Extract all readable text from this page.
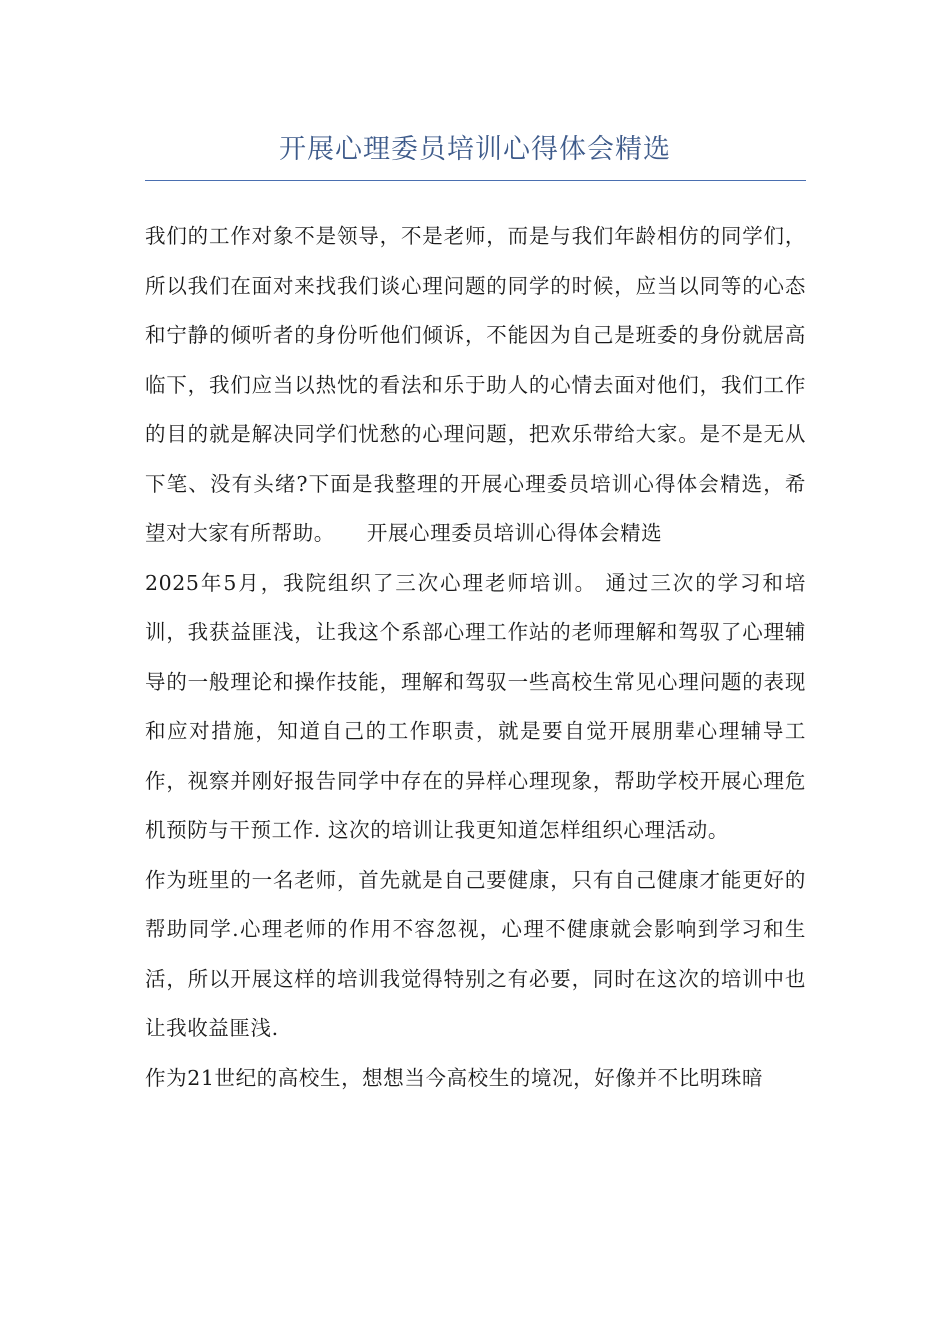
开展心理委员培训心得体会精选

我们的工作对象不是领导，不是老师，而是与我们年龄相仿的同学们，所以我们在面对来找我们谈心理问题的同学的时候，应当以同等的心态和宁静的倾听者的身份听他们倾诉，不能因为自己是班委的身份就居高临下，我们应当以热忱的看法和乐于助人的心情去面对他们，我们工作的目的就是解决同学们忧愁的心理问题，把欢乐带给大家。是不是无从下笔、没有头绪?下面是我整理的开展心理委员培训心得体会精选，希望对大家有所帮助。　　开展心理委员培训心得体会精选

2025年5月，我院组织了三次心理老师培训。 通过三次的学习和培训，我获益匪浅，让我这个系部心理工作站的老师理解和驾驭了心理辅导的一般理论和操作技能，理解和驾驭一些高校生常见心理问题的表现和应对措施，知道自己的工作职责，就是要自觉开展朋辈心理辅导工作，视察并刚好报告同学中存在的异样心理现象，帮助学校开展心理危机预防与干预工作. 这次的培训让我更知道怎样组织心理活动。

作为班里的一名老师，首先就是自己要健康，只有自己健康才能更好的帮助同学.心理老师的作用不容忽视，心理不健康就会影响到学习和生活，所以开展这样的培训我觉得特别之有必要，同时在这次的培训中也让我收益匪浅.

作为21世纪的高校生，想想当今高校生的境况，好像并不比明珠暗
